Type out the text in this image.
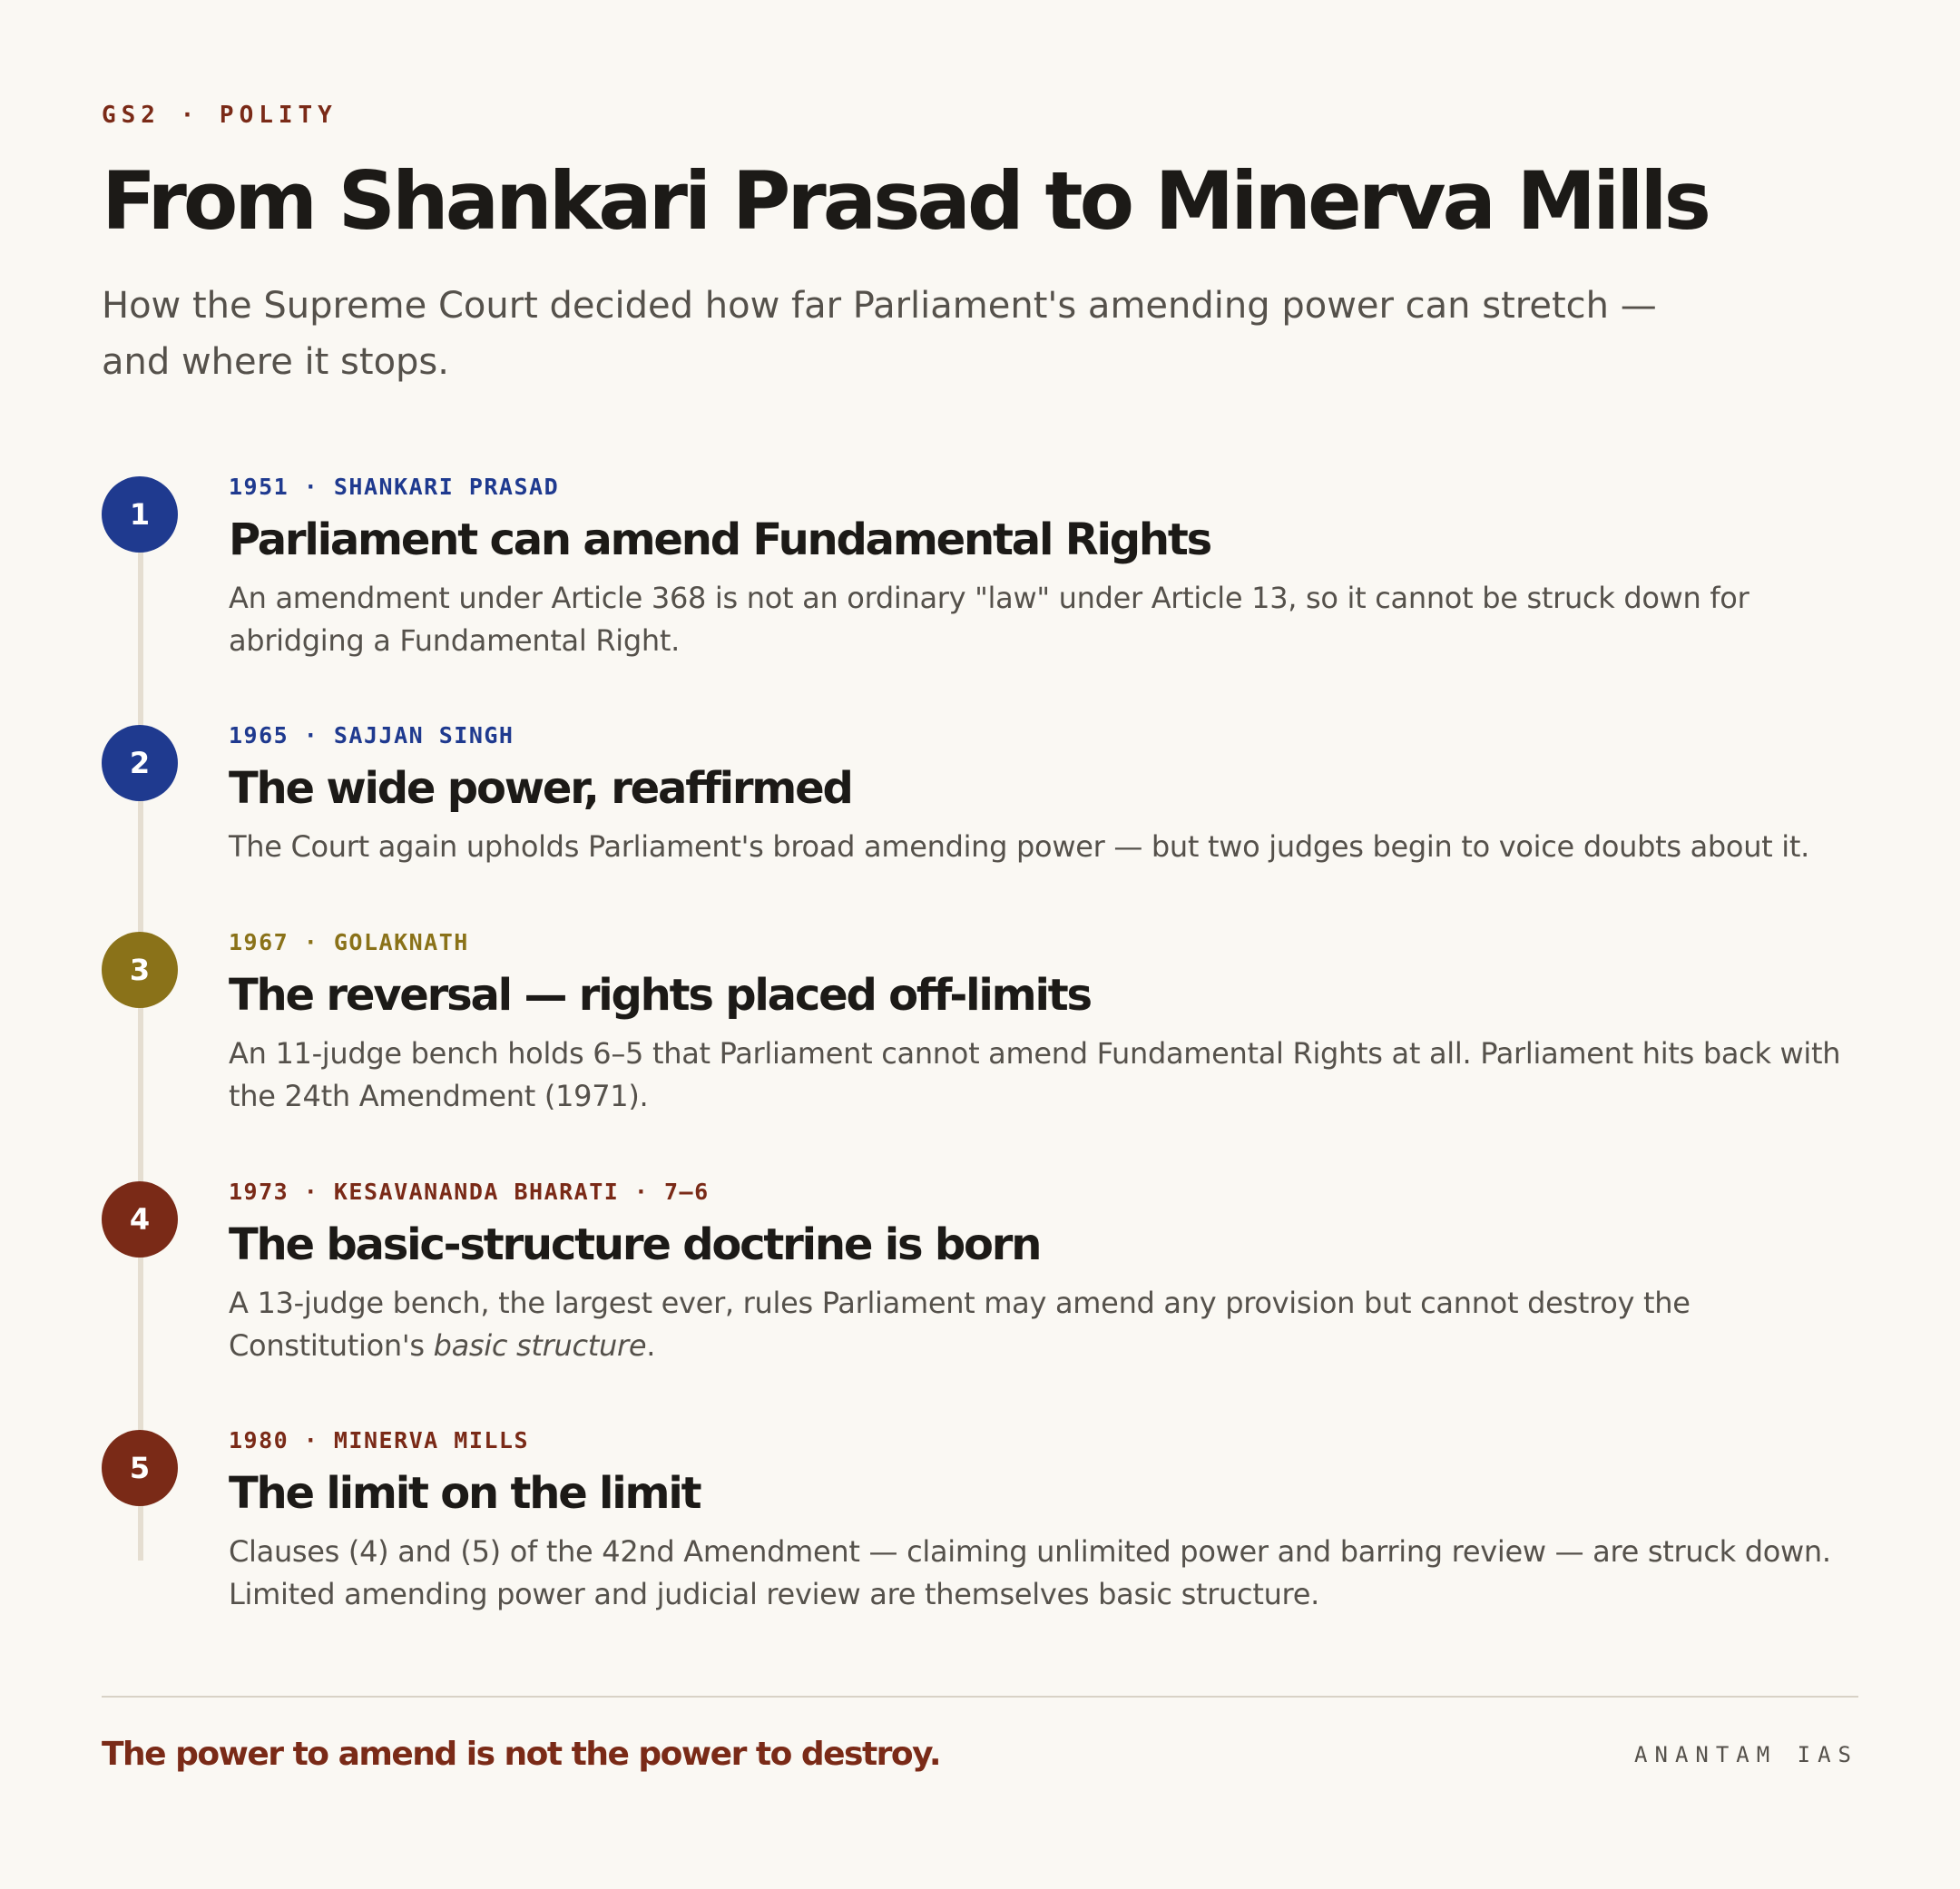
GS2 · POLITY
From Shankari Prasad to Minerva Mills

How the Supreme Court decided how far Parliament's amending power can stretch —
and where it stops.

1
1951 · SHANKARI PRASAD
Parliament can amend Fundamental Rights

An amendment under Article 368 is not an ordinary "law" under Article 13, so it cannot be struck down for
abridging a Fundamental Right.

2
1965 · SAJJAN SINGH
The wide power, reaffirmed

The Court again upholds Parliament's broad amending power — but two judges begin to voice doubts about it.

3
1967 · GOLAKNATH
The reversal — rights placed off-limits

An 11-judge bench holds 6–5 that Parliament cannot amend Fundamental Rights at all. Parliament hits back with
the 24th Amendment (1971).

4
1973 · KESAVANANDA BHARATI · 7–6
The basic-structure doctrine is born

A 13-judge bench, the largest ever, rules Parliament may amend any provision but cannot destroy the
Constitution's basic structure.

5
1980 · MINERVA MILLS
The limit on the limit

Clauses (4) and (5) of the 42nd Amendment — claiming unlimited power and barring review — are struck down.
Limited amending power and judicial review are themselves basic structure.

The power to amend is not the power to destroy.	ANANTAM IAS
